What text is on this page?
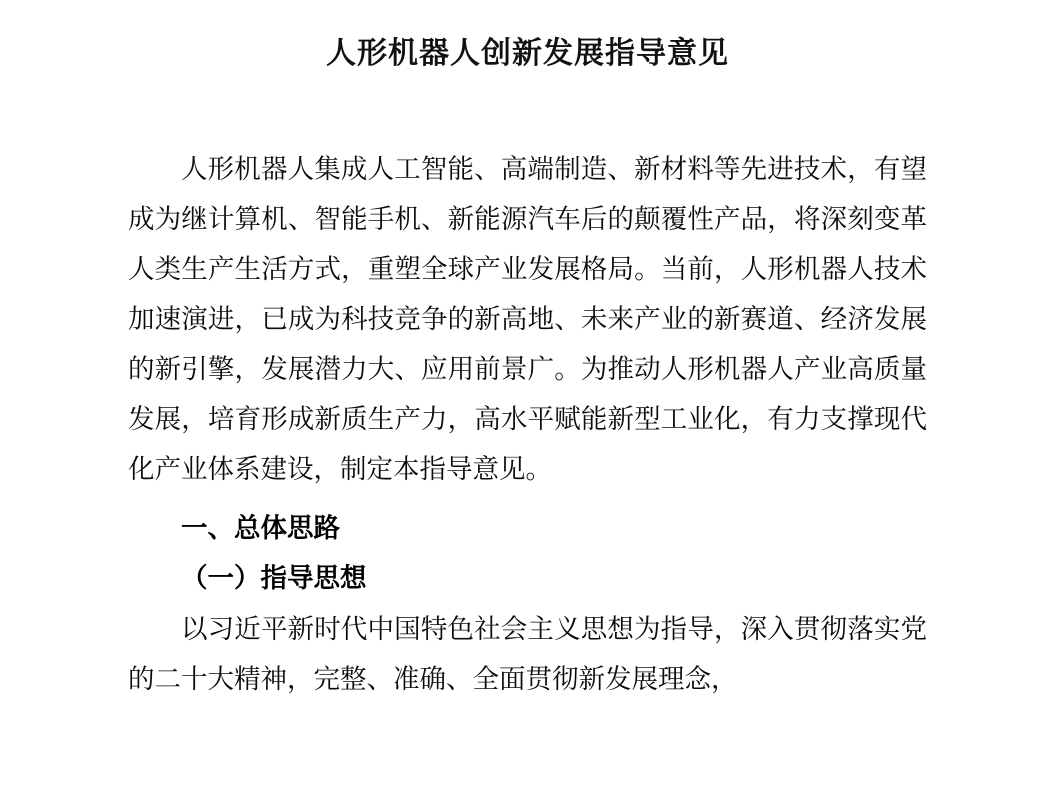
人形机器人创新发展指导意见

人形机器人集成人工智能、高端制造、新材料等先进技术，有望成为继计算机、智能手机、新能源汽车后的颠覆性产品，将深刻变革人类生产生活方式，重塑全球产业发展格局。当前，人形机器人技术加速演进，已成为科技竞争的新高地、未来产业的新赛道、经济发展的新引擎，发展潜力大、应用前景广。为推动人形机器人产业高质量发展，培育形成新质生产力，高水平赋能新型工业化，有力支撑现代化产业体系建设，制定本指导意见。

一、总体思路
（一）指导思想

以习近平新时代中国特色社会主义思想为指导，深入贯彻落实党的二十大精神，完整、准确、全面贯彻新发展理念，
